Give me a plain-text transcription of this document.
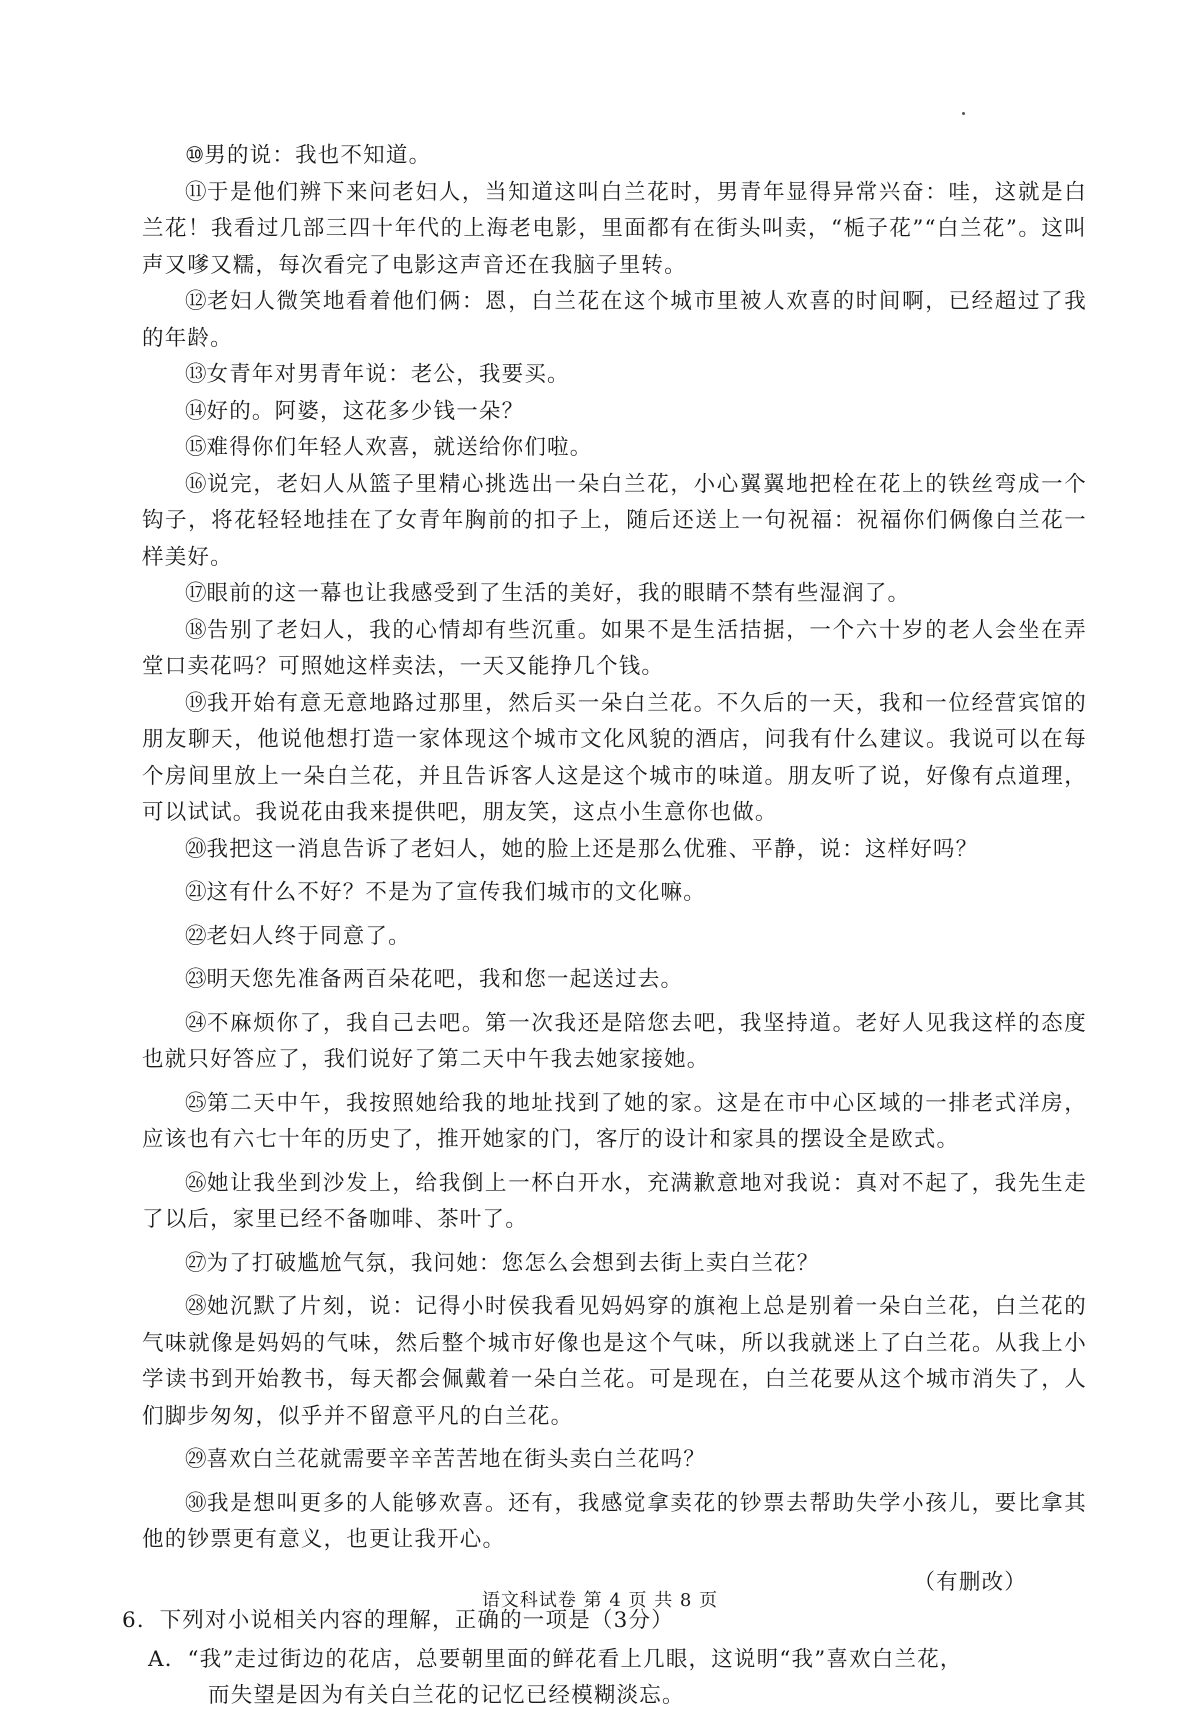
⑩男的说：我也不知道。

⑪于是他们辨下来问老妇人，当知道这叫白兰花时，男青年显得异常兴奋：哇，这就是白兰花！我看过几部三四十年代的上海老电影，里面都有在街头叫卖，“栀子花”“白兰花”。这叫声又嗲又糯，每次看完了电影这声音还在我脑子里转。

⑫老妇人微笑地看着他们俩：恩，白兰花在这个城市里被人欢喜的时间啊，已经超过了我的年龄。

⑬女青年对男青年说：老公，我要买。

⑭好的。阿婆，这花多少钱一朵？

⑮难得你们年轻人欢喜，就送给你们啦。

⑯说完，老妇人从篮子里精心挑选出一朵白兰花，小心翼翼地把栓在花上的铁丝弯成一个钩子，将花轻轻地挂在了女青年胸前的扣子上，随后还送上一句祝福：祝福你们俩像白兰花一样美好。

⑰眼前的这一幕也让我感受到了生活的美好，我的眼睛不禁有些湿润了。

⑱告别了老妇人，我的心情却有些沉重。如果不是生活拮据，一个六十岁的老人会坐在弄堂口卖花吗？可照她这样卖法，一天又能挣几个钱。

⑲我开始有意无意地路过那里，然后买一朵白兰花。不久后的一天，我和一位经营宾馆的朋友聊天，他说他想打造一家体现这个城市文化风貌的酒店，问我有什么建议。我说可以在每个房间里放上一朵白兰花，并且告诉客人这是这个城市的味道。朋友听了说，好像有点道理，可以试试。我说花由我来提供吧，朋友笑，这点小生意你也做。

⑳我把这一消息告诉了老妇人，她的脸上还是那么优雅、平静，说：这样好吗？

㉑这有什么不好？不是为了宣传我们城市的文化嘛。

㉒老妇人终于同意了。

㉓明天您先准备两百朵花吧，我和您一起送过去。

㉔不麻烦你了，我自己去吧。第一次我还是陪您去吧，我坚持道。老好人见我这样的态度也就只好答应了，我们说好了第二天中午我去她家接她。

㉕第二天中午，我按照她给我的地址找到了她的家。这是在市中心区域的一排老式洋房，应该也有六七十年的历史了，推开她家的门，客厅的设计和家具的摆设全是欧式。

㉖她让我坐到沙发上，给我倒上一杯白开水，充满歉意地对我说：真对不起了，我先生走了以后，家里已经不备咖啡、茶叶了。

㉗为了打破尴尬气氛，我问她：您怎么会想到去街上卖白兰花？

㉘她沉默了片刻，说：记得小时侯我看见妈妈穿的旗袍上总是别着一朵白兰花，白兰花的气味就像是妈妈的气味，然后整个城市好像也是这个气味，所以我就迷上了白兰花。从我上小学读书到开始教书，每天都会佩戴着一朵白兰花。可是现在，白兰花要从这个城市消失了，人们脚步匆匆，似乎并不留意平凡的白兰花。

㉙喜欢白兰花就需要辛辛苦苦地在街头卖白兰花吗？

㉚我是想叫更多的人能够欢喜。还有，我感觉拿卖花的钞票去帮助失学小孩儿，要比拿其他的钞票更有意义，也更让我开心。

（有删改）
6．下列对小说相关内容的理解，正确的一项是（3分）
A．“我”走过街边的花店，总要朝里面的鲜花看上几眼，这说明“我”喜欢白兰花，
而失望是因为有关白兰花的记忆已经模糊淡忘。
语文科试卷 第 4 页 共 8 页
